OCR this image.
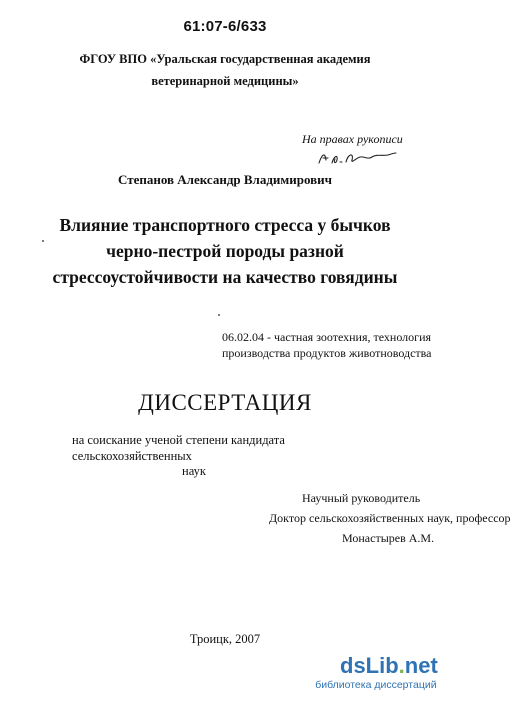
61:07-6/633
ФГОУ ВПО «Уральская государственная академия
ветеринарной медицины»
На правах рукописи
Степанов Александр Владимирович
Влияние транспортного стресса у бычков
черно-пестрой породы разной
стрессоустойчивости на качество говядины
06.02.04 - частная зоотехния, технология
производства продуктов животноводства
ДИССЕРТАЦИЯ
на соискание ученой степени кандидата сельскохозяйственных
наук
Научный руководитель
Доктор сельскохозяйственных наук, профессор
Монастырев А.М.
Троицк, 2007
dsLib.net
библиотека диссертаций
